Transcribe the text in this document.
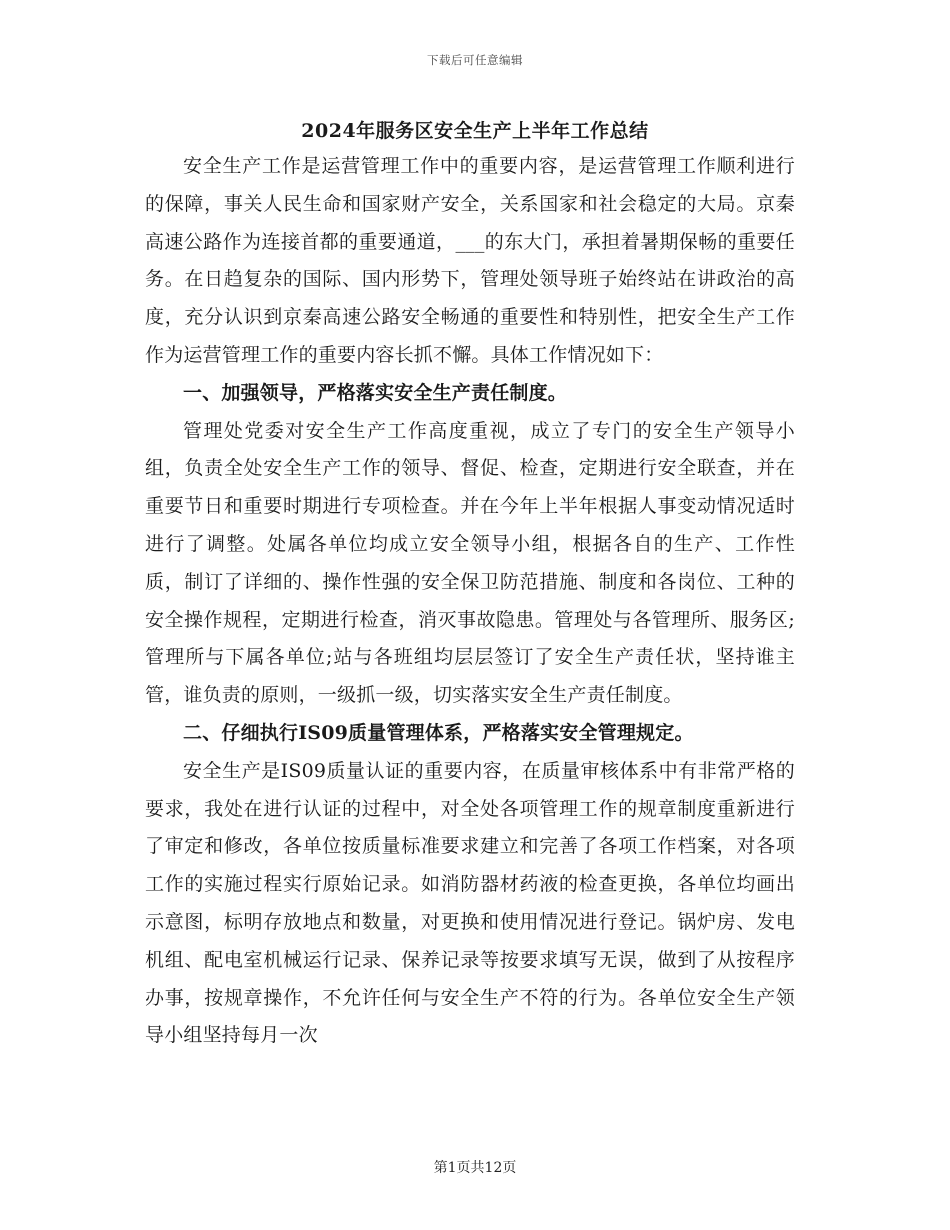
下载后可任意编辑
2024年服务区安全生产上半年工作总结

安全生产工作是运营管理工作中的重要内容，是运营管理工作顺利进行的保障，事关人民生命和国家财产安全，关系国家和社会稳定的大局。京秦高速公路作为连接首都的重要通道，___的东大门，承担着暑期保畅的重要任务。在日趋复杂的国际、国内形势下，管理处领导班子始终站在讲政治的高度，充分认识到京秦高速公路安全畅通的重要性和特别性，把安全生产工作作为运营管理工作的重要内容长抓不懈。具体工作情况如下：

一、加强领导，严格落实安全生产责任制度。

管理处党委对安全生产工作高度重视，成立了专门的安全生产领导小组，负责全处安全生产工作的领导、督促、检查，定期进行安全联查，并在重要节日和重要时期进行专项检查。并在今年上半年根据人事变动情况适时进行了调整。处属各单位均成立安全领导小组，根据各自的生产、工作性质，制订了详细的、操作性强的安全保卫防范措施、制度和各岗位、工种的安全操作规程，定期进行检查，消灭事故隐患。管理处与各管理所、服务区;管理所与下属各单位;站与各班组均层层签订了安全生产责任状，坚持谁主管，谁负责的原则，一级抓一级，切实落实安全生产责任制度。

二、仔细执行IS09质量管理体系，严格落实安全管理规定。

安全生产是IS09质量认证的重要内容，在质量审核体系中有非常严格的要求，我处在进行认证的过程中，对全处各项管理工作的规章制度重新进行了审定和修改，各单位按质量标准要求建立和完善了各项工作档案，对各项工作的实施过程实行原始记录。如消防器材药液的检查更换，各单位均画出示意图，标明存放地点和数量，对更换和使用情况进行登记。锅炉房、发电机组、配电室机械运行记录、保养记录等按要求填写无误，做到了从按程序办事，按规章操作，不允许任何与安全生产不符的行为。各单位安全生产领导小组坚持每月一次

第1页共12页
